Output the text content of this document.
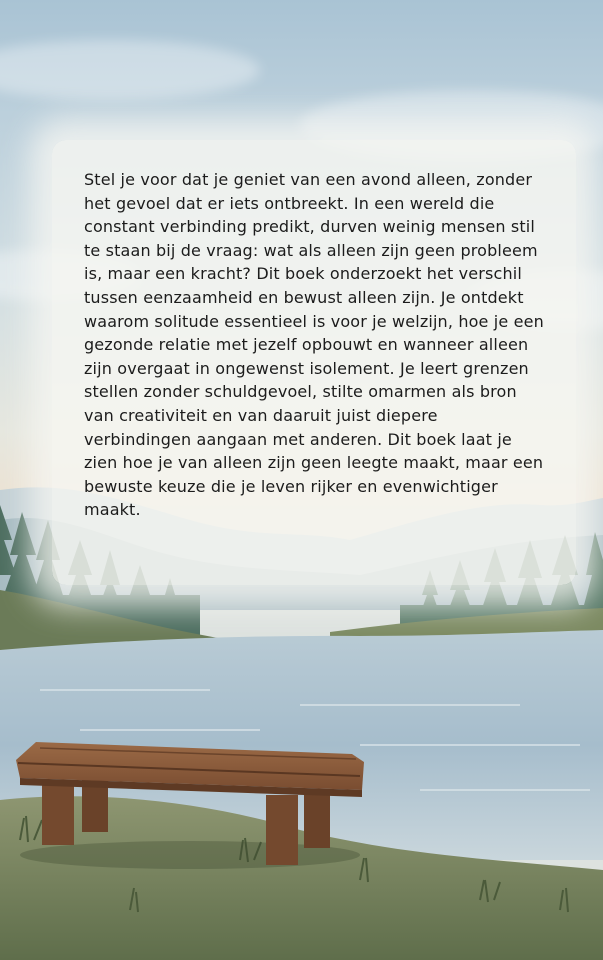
Stel je voor dat je geniet van een avond alleen, zonder het gevoel dat er iets ontbreekt. In een wereld die constant verbinding predikt, durven weinig mensen stil te staan bij de vraag: wat als alleen zijn geen probleem is, maar een kracht? Dit boek onderzoekt het verschil tussen eenzaamheid en bewust alleen zijn. Je ontdekt waarom solitude essentieel is voor je welzijn, hoe je een gezonde relatie met jezelf opbouwt en wanneer alleen zijn overgaat in ongewenst isolement. Je leert grenzen stellen zonder schuldgevoel, stilte omarmen als bron van creativiteit en van daaruit juist diepere verbindingen aangaan met anderen. Dit boek laat je zien hoe je van alleen zijn geen leegte maakt, maar een bewuste keuze die je leven rijker en evenwichtiger maakt.
